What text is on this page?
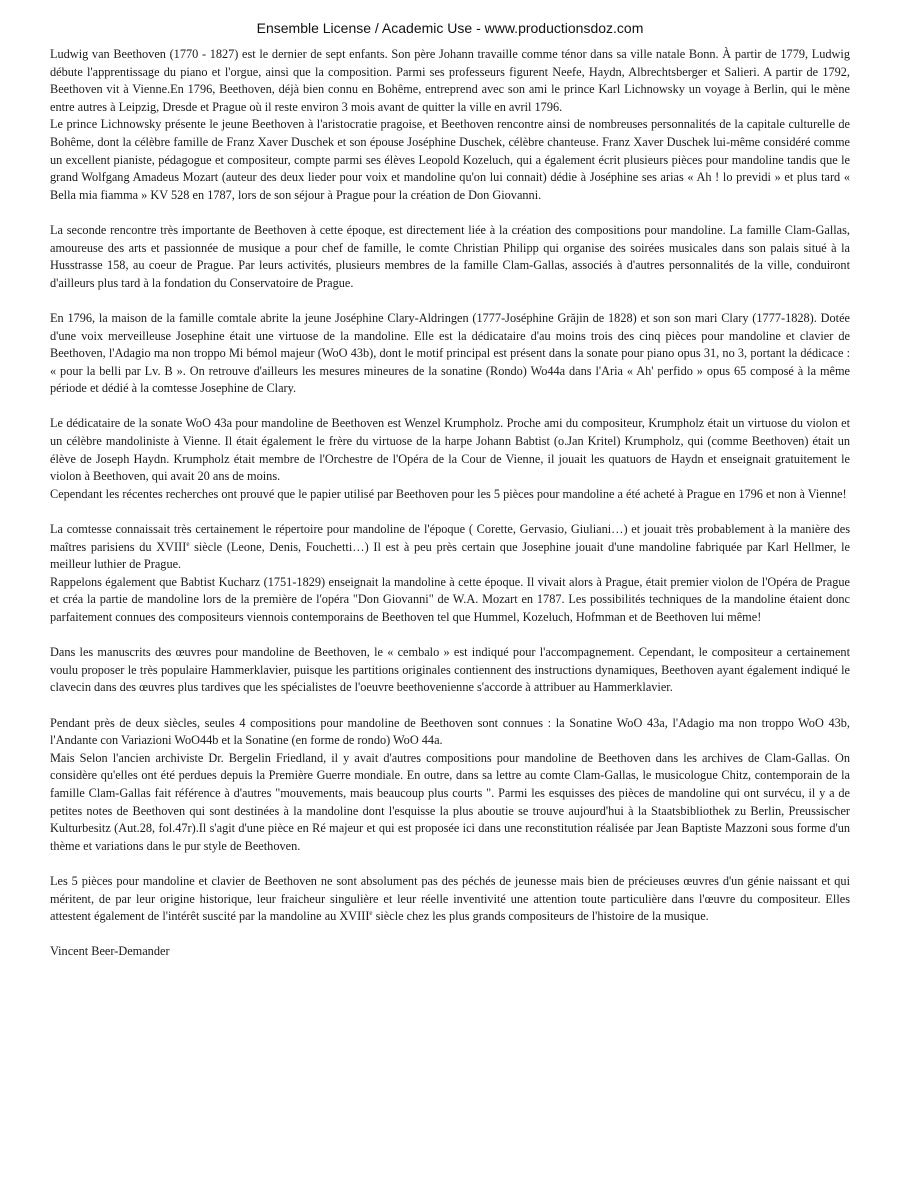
Ensemble License / Academic Use - www.productionsdoz.com

Ludwig van Beethoven (1770 - 1827) est le dernier de sept enfants. Son père Johann travaille comme ténor dans sa ville natale Bonn. À partir de 1779, Ludwig débute l'apprentissage du piano et l'orgue, ainsi que la composition. Parmi ses professeurs figurent Neefe, Haydn, Albrechtsberger et Salieri. A partir de 1792, Beethoven vit à Vienne.En 1796, Beethoven, déjà bien connu en Bohême, entreprend avec son ami le prince Karl Lichnowsky un voyage à Berlin, qui le mène entre autres à Leipzig, Dresde et Prague où il reste environ 3 mois avant de quitter la ville en avril 1796.

Le prince Lichnowsky présente le jeune Beethoven à l'aristocratie pragoise, et Beethoven rencontre ainsi de nombreuses personnalités de la capitale culturelle de Bohême, dont la célèbre famille de Franz Xaver Duschek et son épouse Joséphine Duschek, célèbre chanteuse. Franz Xaver Duschek lui-même considéré comme un excellent pianiste, pédagogue et compositeur, compte parmi ses élèves Leopold Kozeluch, qui a également écrit plusieurs pièces pour mandoline tandis que le grand Wolfgang Amadeus Mozart (auteur des deux lieder pour voix et mandoline qu'on lui connait) dédie à Joséphine ses arias « Ah ! lo previdi » et plus tard « Bella mia fiamma » KV 528 en 1787, lors de son séjour à Prague pour la création de Don Giovanni.

La seconde rencontre très importante de Beethoven à cette époque, est directement liée à la création des compositions pour mandoline. La famille Clam-Gallas, amoureuse des arts et passionnée de musique a pour chef de famille, le comte Christian Philipp qui organise des soirées musicales dans son palais situé à la Husstrasse 158, au coeur de Prague. Par leurs activités, plusieurs membres de la famille Clam-Gallas, associés à d'autres personnalités de la ville, conduiront d'ailleurs plus tard à la fondation du Conservatoire de Prague.

En 1796, la maison de la famille comtale abrite la jeune Joséphine Clary-Aldringen (1777-Joséphine Grăjin de 1828) et son son mari Clary (1777-1828). Dotée d'une voix merveilleuse Josephine était une virtuose de la mandoline. Elle est la dédicataire d'au moins trois des cinq pièces pour mandoline et clavier de Beethoven, l'Adagio ma non troppo Mi bémol majeur (WoO 43b), dont le motif principal est présent dans la sonate pour piano opus 31, no 3, portant la dédicace : « pour la belli par Lv. B ». On retrouve d'ailleurs les mesures mineures de la sonatine (Rondo) Wo44a dans l'Aria « Ah' perfido » opus 65 composé à la même période et dédié à la comtesse Josephine de Clary.

Le dédicataire de la sonate WoO 43a pour mandoline de Beethoven est Wenzel Krumpholz. Proche ami du compositeur, Krumpholz était un virtuose du violon et un célèbre mandoliniste à Vienne. Il était également le frère du virtuose de la harpe Johann Babtist (o.Jan Kritel) Krumpholz, qui (comme Beethoven) était un élève de Joseph Haydn. Krumpholz était membre de l'Orchestre de l'Opéra de la Cour de Vienne, il jouait les quatuors de Haydn et enseignait gratuitement le violon à Beethoven, qui avait 20 ans de moins.

Cependant les récentes recherches ont prouvé que le papier utilisé par Beethoven pour les 5 pièces pour mandoline a été acheté à Prague en 1796 et non à Vienne!

La comtesse connaissait très certainement le répertoire pour mandoline de l'époque ( Corette, Gervasio, Giuliani…) et jouait très probablement à la manière des maîtres parisiens du XVIIIe siècle (Leone, Denis, Fouchetti…) Il est à peu près certain que Josephine jouait d'une mandoline fabriquée par Karl Hellmer, le meilleur luthier de Prague.

Rappelons également que Babtist Kucharz (1751-1829) enseignait la mandoline à cette époque. Il vivait alors à Prague, était premier violon de l'Opéra de Prague et créa la partie de mandoline lors de la première de l'opéra "Don Giovanni" de W.A. Mozart en 1787. Les possibilités techniques de la mandoline étaient donc parfaitement connues des compositeurs viennois contemporains de Beethoven tel que Hummel, Kozeluch, Hofmman et de Beethoven lui même!

Dans les manuscrits des œuvres pour mandoline de Beethoven, le « cembalo » est indiqué pour l'accompagnement. Cependant, le compositeur a certainement voulu proposer le très populaire Hammerklavier, puisque les partitions originales contiennent des instructions dynamiques, Beethoven ayant également indiqué le clavecin dans des œuvres plus tardives que les spécialistes de l'oeuvre beethovenienne s'accorde à attribuer au Hammerklavier.

Pendant près de deux siècles, seules 4 compositions pour mandoline de Beethoven sont connues : la Sonatine WoO 43a, l'Adagio ma non troppo WoO 43b, l'Andante con Variazioni WoO44b et la Sonatine (en forme de rondo) WoO 44a.

Mais Selon l'ancien archiviste Dr. Bergelin Friedland, il y avait d'autres compositions pour mandoline de Beethoven dans les archives de Clam-Gallas. On considère qu'elles ont été perdues depuis la Première Guerre mondiale. En outre, dans sa lettre au comte Clam-Gallas, le musicologue Chitz, contemporain de la famille Clam-Gallas fait référence à d'autres "mouvements, mais beaucoup plus courts ". Parmi les esquisses des pièces de mandoline qui ont survécu, il y a de petites notes de Beethoven qui sont destinées à la mandoline dont l'esquisse la plus aboutie se trouve aujourd'hui à la Staatsbibliothek zu Berlin, Preussischer Kulturbesitz (Aut.28, fol.47r).Il s'agit d'une pièce en Ré majeur et qui est proposée ici dans une reconstitution réalisée par Jean Baptiste Mazzoni sous forme d'un thème et variations dans le pur style de Beethoven.

Les 5 pièces pour mandoline et clavier de Beethoven ne sont absolument pas des péchés de jeunesse mais bien de précieuses œuvres d'un génie naissant et qui méritent, de par leur origine historique, leur fraicheur singulière et leur réelle inventivité une attention toute particulière dans l'œuvre du compositeur. Elles attestent également de l'intérêt suscité par la mandoline au XVIIIe siècle chez les plus grands compositeurs de l'histoire de la musique.

Vincent Beer-Demander
